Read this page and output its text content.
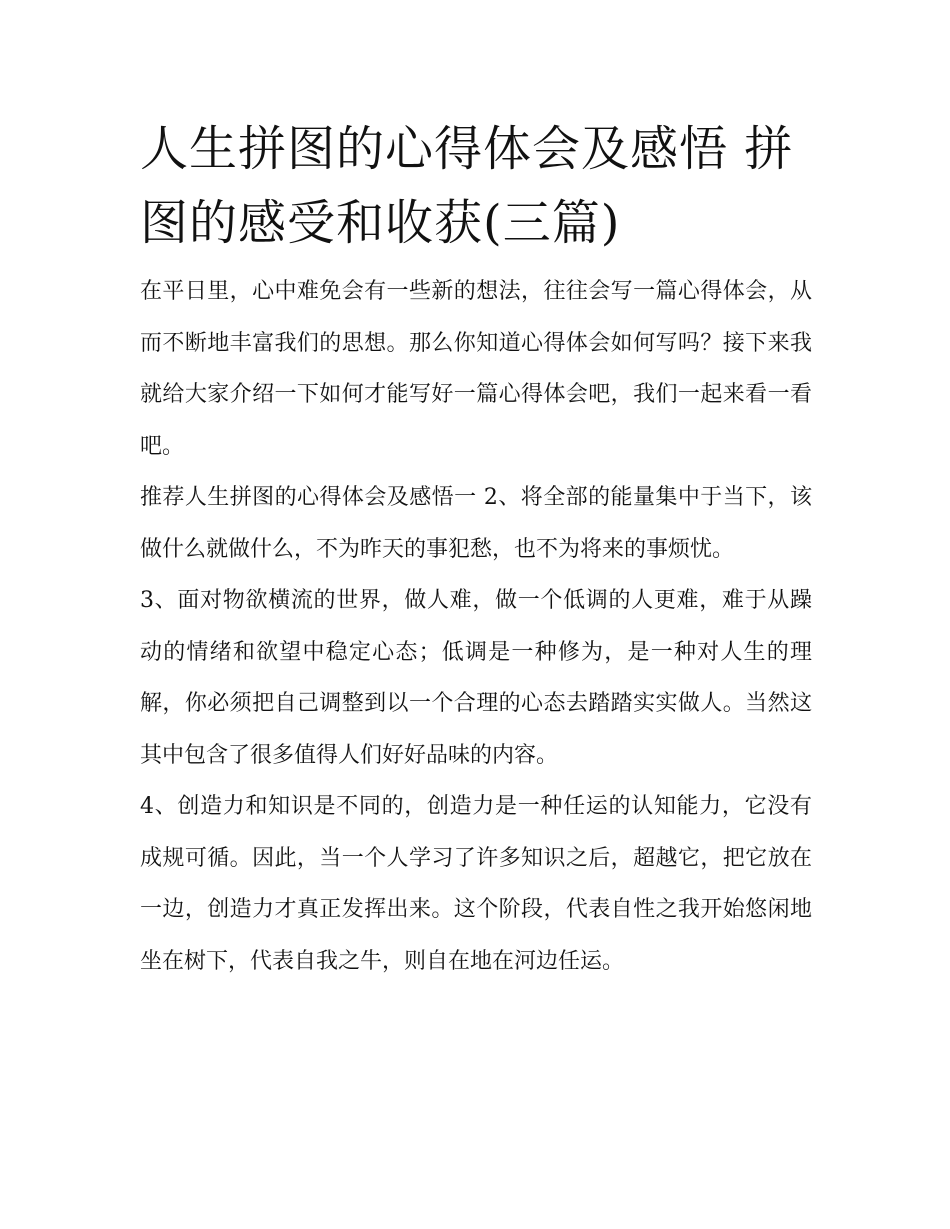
人生拼图的心得体会及感悟 拼图的感受和收获(三篇)

在平日里，心中难免会有一些新的想法，往往会写一篇心得体会，从而不断地丰富我们的思想。那么你知道心得体会如何写吗？接下来我就给大家介绍一下如何才能写好一篇心得体会吧，我们一起来看一看吧。

推荐人生拼图的心得体会及感悟一 2、将全部的能量集中于当下，该做什么就做什么，不为昨天的事犯愁，也不为将来的事烦忧。

3、面对物欲横流的世界，做人难，做一个低调的人更难，难于从躁动的情绪和欲望中稳定心态；低调是一种修为，是一种对人生的理解，你必须把自己调整到以一个合理的心态去踏踏实实做人。当然这其中包含了很多值得人们好好品味的内容。

4、创造力和知识是不同的，创造力是一种任运的认知能力，它没有成规可循。因此，当一个人学习了许多知识之后，超越它，把它放在一边，创造力才真正发挥出来。这个阶段，代表自性之我开始悠闲地坐在树下，代表自我之牛，则自在地在河边任运。
